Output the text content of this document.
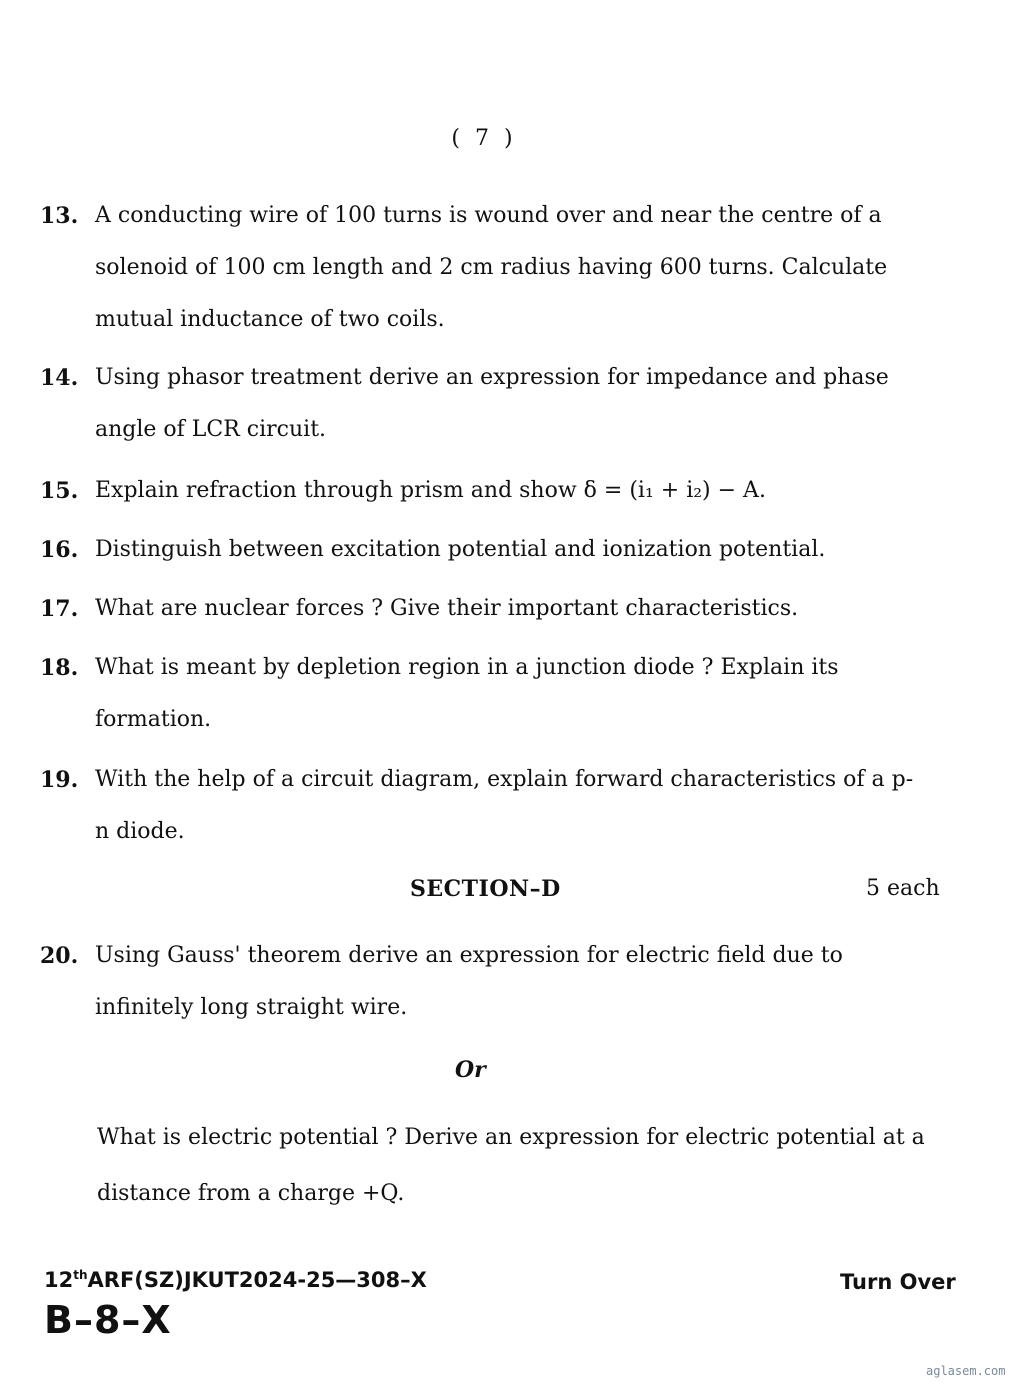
( 7 )
13. A conducting wire of 100 turns is wound over and near the centre of a solenoid of 100 cm length and 2 cm radius having 600 turns. Calculate mutual inductance of two coils.
14. Using phasor treatment derive an expression for impedance and phase angle of LCR circuit.
15. Explain refraction through prism and show δ = (i₁ + i₂) − A.
16. Distinguish between excitation potential and ionization potential.
17. What are nuclear forces ? Give their important characteristics.
18. What is meant by depletion region in a junction diode ? Explain its formation.
19. With the help of a circuit diagram, explain forward characteristics of a p-n diode.
SECTION–D	5 each
20. Using Gauss' theorem derive an expression for electric field due to infinitely long straight wire.
Or
What is electric potential ? Derive an expression for electric potential at a distance from a charge +Q.
12thARF(SZ)JKUT2024-25—308–X	Turn Over
B–8–X
aglasem.com
